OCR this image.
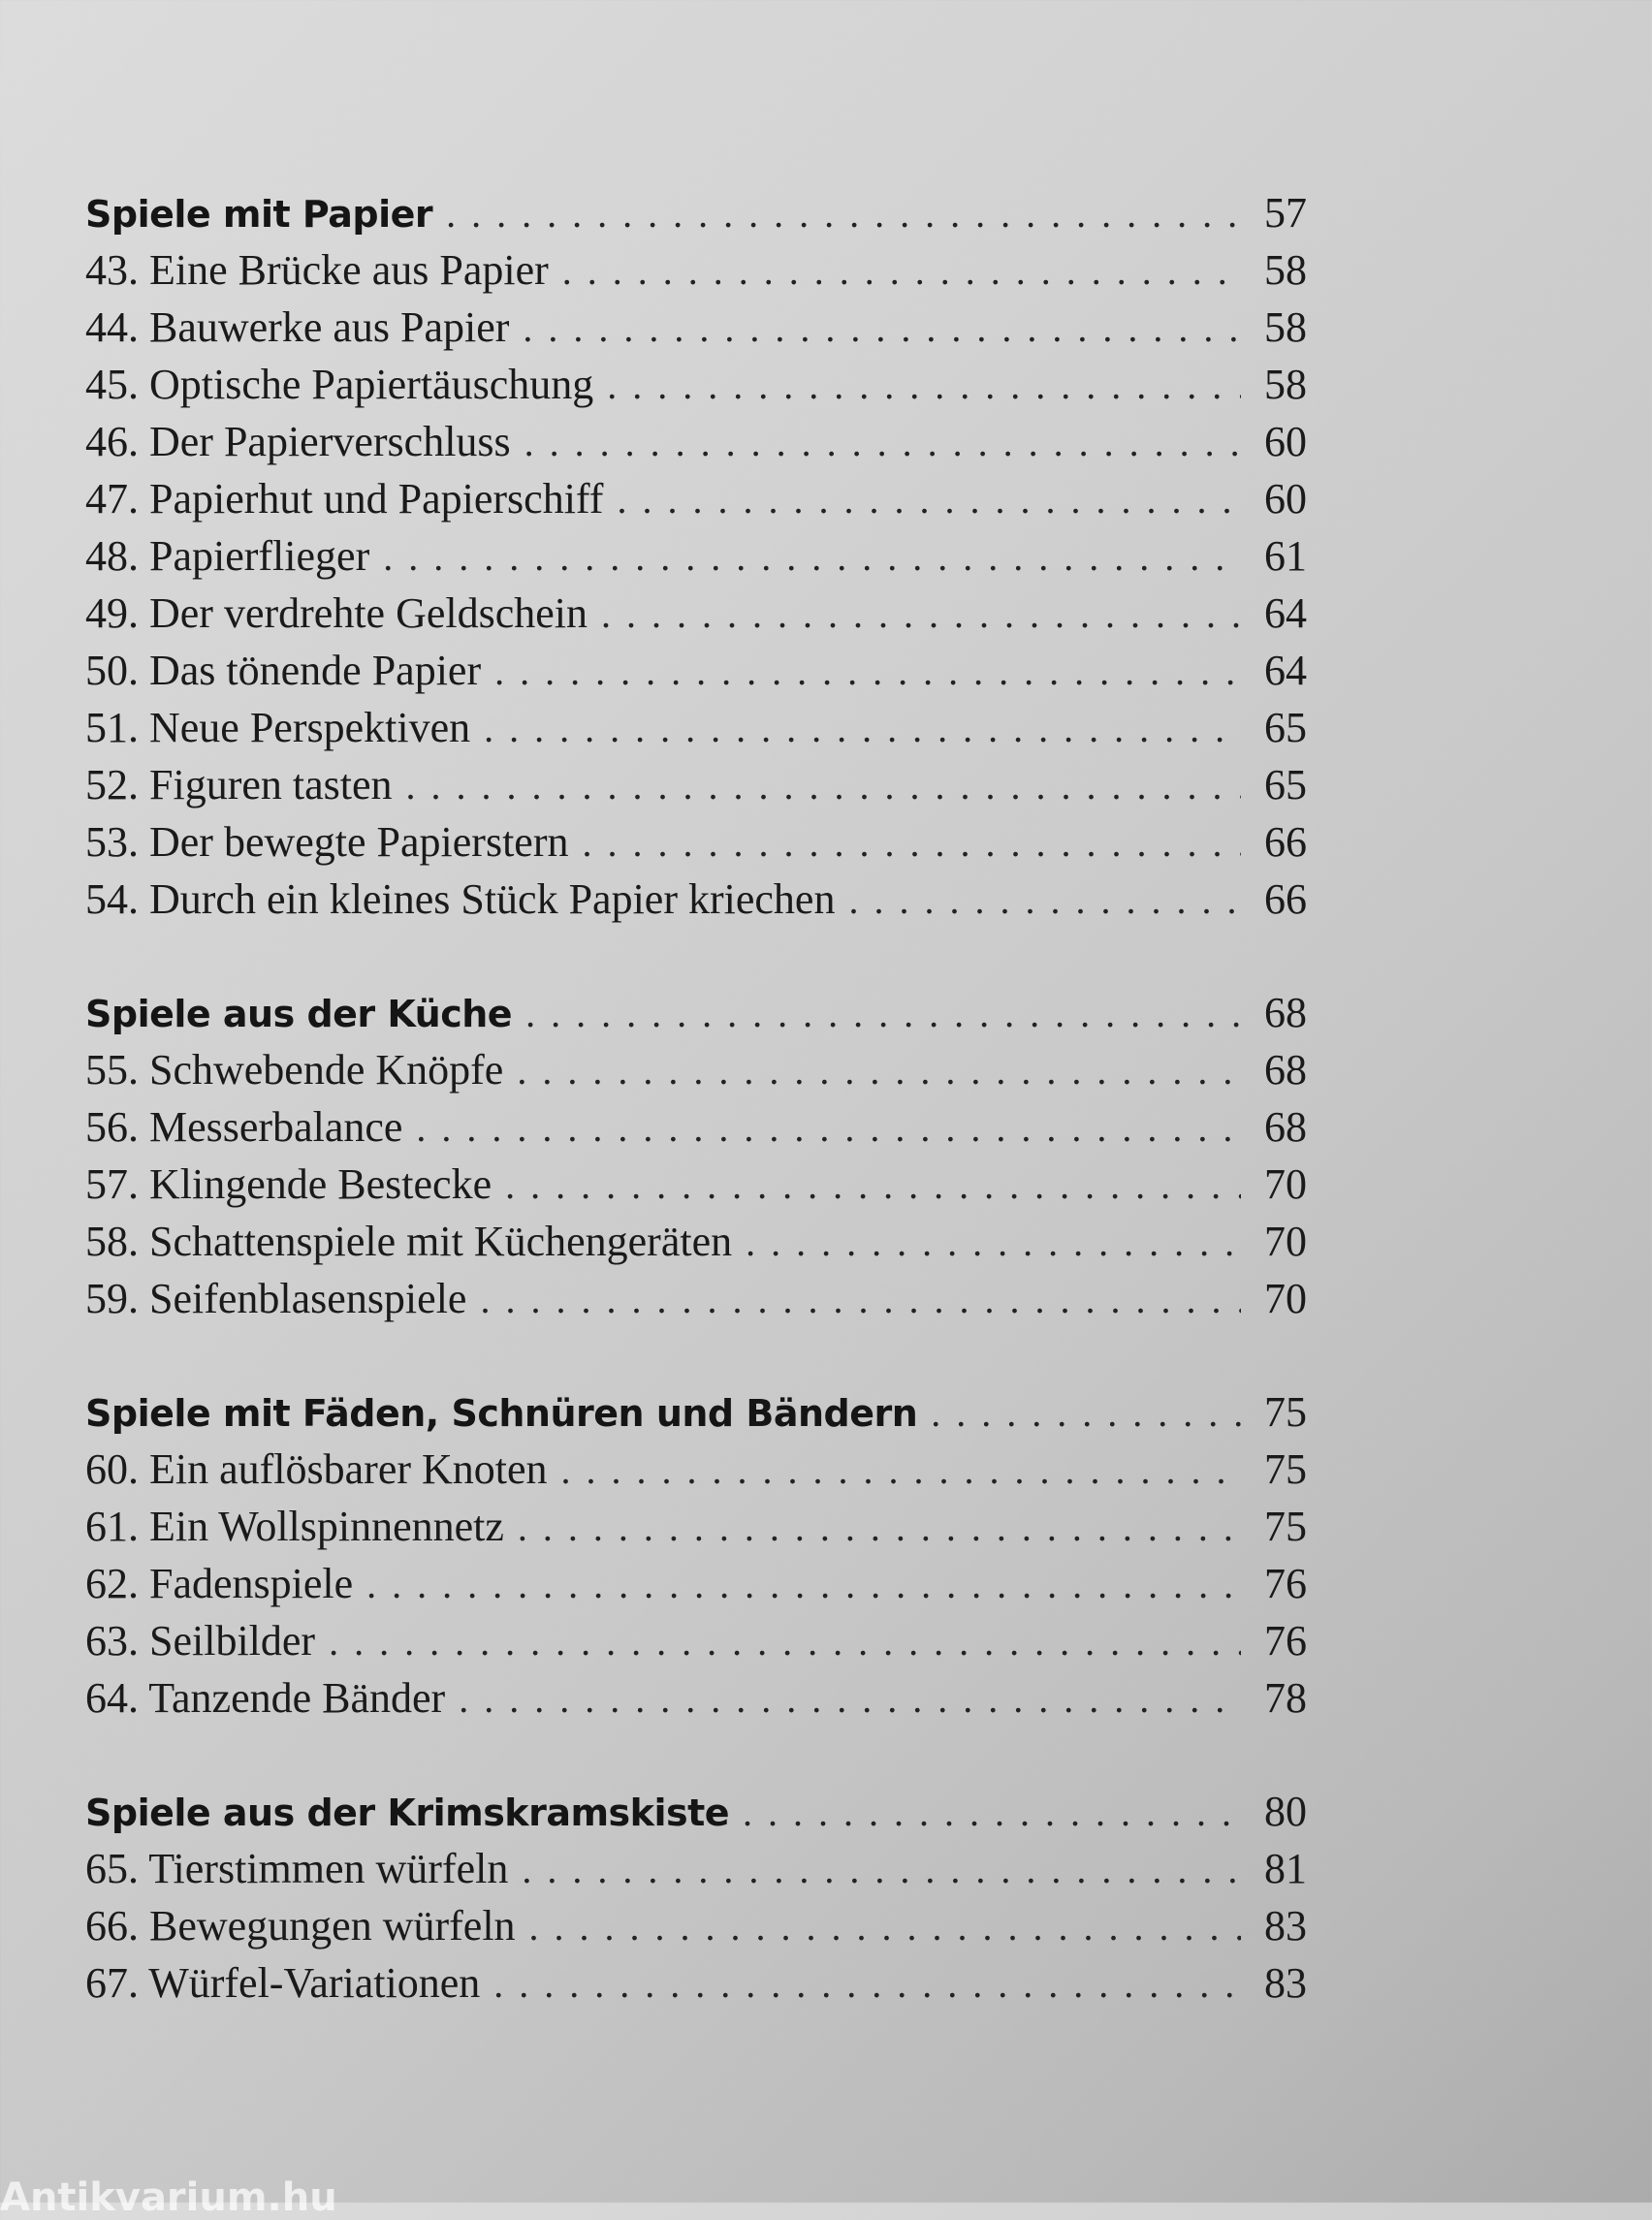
Spiele mit Papier . . .	57
43. Eine Brücke aus Papier . . .	58
44. Bauwerke aus Papier . . .	58
45. Optische Papiertäuschung . . .	58
46. Der Papierverschluss . . .	60
47. Papierhut und Papierschiff . . .	60
48. Papierflieger . . .	61
49. Der verdrehte Geldschein . . .	64
50. Das tönende Papier . . .	64
51. Neue Perspektiven . . .	65
52. Figuren tasten . . .	65
53. Der bewegte Papierstern . . .	66
54. Durch ein kleines Stück Papier kriechen . . .	66
Spiele aus der Küche . . .	68
55. Schwebende Knöpfe . . .	68
56. Messerbalance . . .	68
57. Klingende Bestecke . . .	70
58. Schattenspiele mit Küchengeräten . . .	70
59. Seifenblasenspiele . . .	70
Spiele mit Fäden, Schnüren und Bändern . . .	75
60. Ein auflösbarer Knoten . . .	75
61. Ein Wollspinnennetz . . .	75
62. Fadenspiele . . .	76
63. Seilbilder . . .	76
64. Tanzende Bänder . . .	78
Spiele aus der Krimskramskiste . . .	80
65. Tierstimmen würfeln . . .	81
66. Bewegungen würfeln . . .	83
67. Würfel-Variationen . . .	83
Antikvarium.hu
